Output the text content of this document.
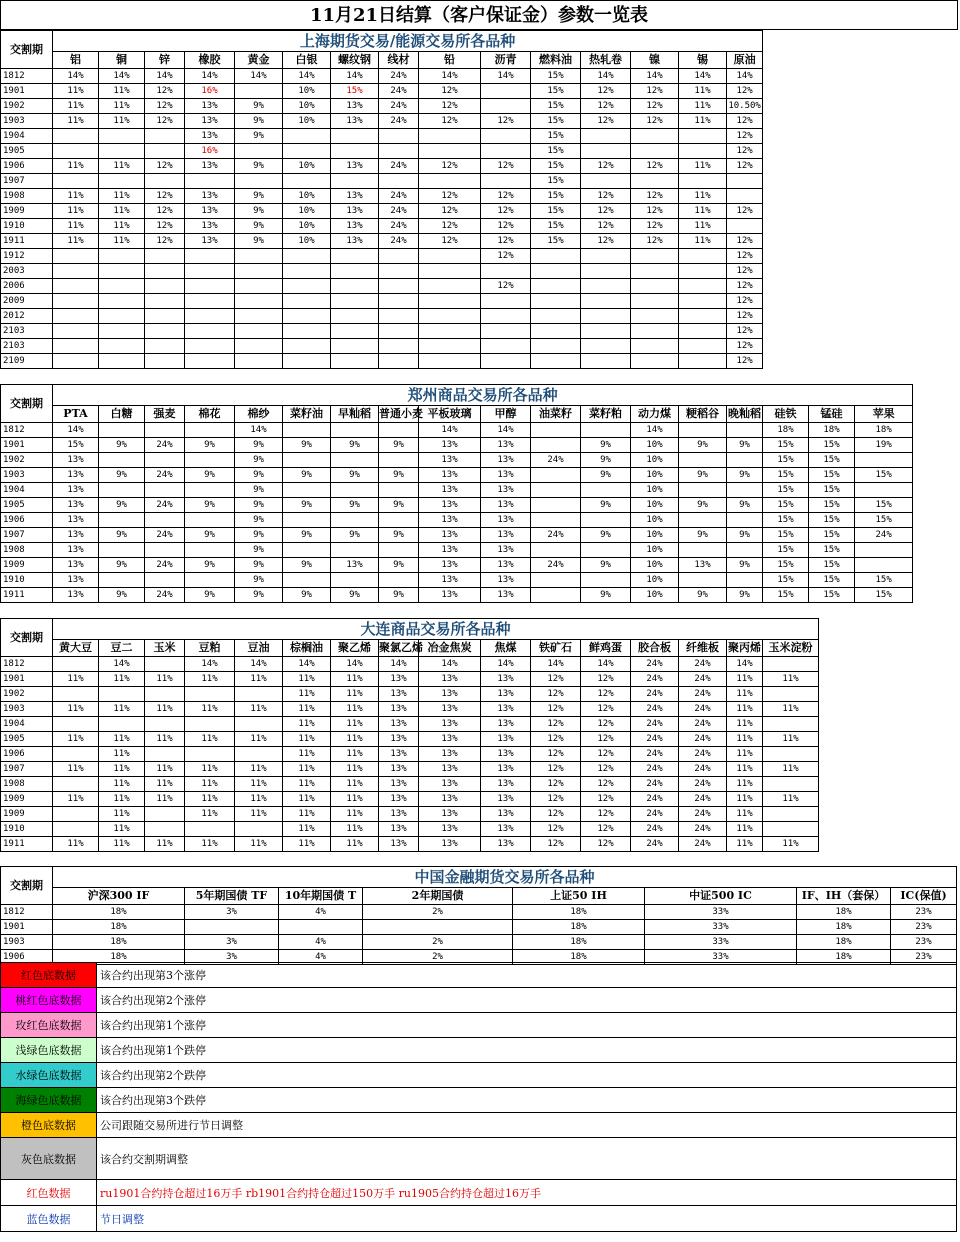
11月21日结算（客户保证金）参数一览表
交割期	上海期货交易/能源交易所各品种														
	铝	铜	锌	橡胶	黄金	白银	螺纹钢	线材	铅	沥青	燃料油	热轧卷	镍	锡	原油
1812	14%	14%	14%	14%	14%	14%	14%	24%	14%	14%	15%	14%	14%	14%	14%
1901	11%	11%	12%	16%		10%	15%	24%	12%		15%	12%	12%	11%	12%
1902	11%	11%	12%	13%	9%	10%	13%	24%	12%		15%	12%	12%	11%	10.50%
1903	11%	11%	12%	13%	9%	10%	13%	24%	12%	12%	15%	12%	12%	11%	12%
1904				13%	9%						15%				12%
1905				16%							15%				12%
1906	11%	11%	12%	13%	9%	10%	13%	24%	12%	12%	15%	12%	12%	11%	12%
1907											15%				
1908	11%	11%	12%	13%	9%	10%	13%	24%	12%	12%	15%	12%	12%	11%	
1909	11%	11%	12%	13%	9%	10%	13%	24%	12%	12%	15%	12%	12%	11%	12%
1910	11%	11%	12%	13%	9%	10%	13%	24%	12%	12%	15%	12%	12%	11%	
1911	11%	11%	12%	13%	9%	10%	13%	24%	12%	12%	15%	12%	12%	11%	12%
1912										12%					12%
2003															12%
2006										12%					12%
2009															12%
2012															12%
2103															12%
2103															12%
2109															12%
交割期	郑州商品交易所各品种																	
	PTA	白糖	强麦	棉花	棉纱	菜籽油	早籼稻	普通小麦	平板玻璃	甲醇	油菜籽	菜籽粕	动力煤	粳稻谷	晚籼稻	硅铁	锰硅	苹果
1812	14%				14%				14%	14%			14%			18%	18%	18%
1901	15%	9%	24%	9%	9%	9%	9%	9%	13%	13%		9%	10%	9%	9%	15%	15%	19%
1902	13%				9%				13%	13%	24%	9%	10%			15%	15%	
1903	13%	9%	24%	9%	9%	9%	9%	9%	13%	13%		9%	10%	9%	9%	15%	15%	15%
1904	13%				9%				13%	13%			10%			15%	15%	
1905	13%	9%	24%	9%	9%	9%	9%	9%	13%	13%		9%	10%	9%	9%	15%	15%	15%
1906	13%				9%				13%	13%			10%			15%	15%	15%
1907	13%	9%	24%	9%	9%	9%	9%	9%	13%	13%	24%	9%	10%	9%	9%	15%	15%	24%
1908	13%				9%				13%	13%			10%			15%	15%	
1909	13%	9%	24%	9%	9%	9%	13%	9%	13%	13%	24%	9%	10%	13%	9%	15%	15%	
1910	13%				9%				13%	13%			10%			15%	15%	15%
1911	13%	9%	24%	9%	9%	9%	9%	9%	13%	13%		9%	10%	9%	9%	15%	15%	15%
交割期	大连商品交易所各品种															
	黄大豆	豆二	玉米	豆粕	豆油	棕榈油	聚乙烯	聚氯乙烯	冶金焦炭	焦煤	铁矿石	鲜鸡蛋	胶合板	纤维板	聚丙烯	玉米淀粉
1812		14%		14%	14%	14%	14%	14%	14%	14%	14%	14%	24%	24%	14%	
1901	11%	11%	11%	11%	11%	11%	11%	13%	13%	13%	12%	12%	24%	24%	11%	11%
1902						11%	11%	13%	13%	13%	12%	12%	24%	24%	11%	
1903	11%	11%	11%	11%	11%	11%	11%	13%	13%	13%	12%	12%	24%	24%	11%	11%
1904						11%	11%	13%	13%	13%	12%	12%	24%	24%	11%	
1905	11%	11%	11%	11%	11%	11%	11%	13%	13%	13%	12%	12%	24%	24%	11%	11%
1906		11%				11%	11%	13%	13%	13%	12%	12%	24%	24%	11%	
1907	11%	11%	11%	11%	11%	11%	11%	13%	13%	13%	12%	12%	24%	24%	11%	11%
1908		11%	11%	11%	11%	11%	11%	13%	13%	13%	12%	12%	24%	24%	11%	
1909	11%	11%	11%	11%	11%	11%	11%	13%	13%	13%	12%	12%	24%	24%	11%	11%
1909		11%		11%	11%	11%	11%	13%	13%	13%	12%	12%	24%	24%	11%	
1910		11%				11%	11%	13%	13%	13%	12%	12%	24%	24%	11%	
1911	11%	11%	11%	11%	11%	11%	11%	13%	13%	13%	12%	12%	24%	24%	11%	11%
交割期	中国金融期货交易所各品种							
	沪深300 IF	5年期国债 TF	10年期国债 T	2年期国债	上证50 IH	中证500 IC	IF、IH（套保）	IC(保值)
1812	18%	3%	4%	2%	18%	33%	18%	23%
1901	18%				18%	33%	18%	23%
1903	18%	3%	4%	2%	18%	33%	18%	23%
1906	18%	3%	4%	2%	18%	33%	18%	23%
红色底数据	该合约出现第3个涨停
桃红色底数据	该合约出现第2个涨停
玫红色底数据	该合约出现第1个涨停
浅绿色底数据	该合约出现第1个跌停
水绿色底数据	该合约出现第2个跌停
海绿色底数据	该合约出现第3个跌停
橙色底数据	公司跟随交易所进行节日调整
灰色底数据	该合约交割期调整
红色数据	ru1901合约持仓超过16万手 rb1901合约持仓超过150万手 ru1905合约持仓超过16万手
蓝色数据	节日调整
